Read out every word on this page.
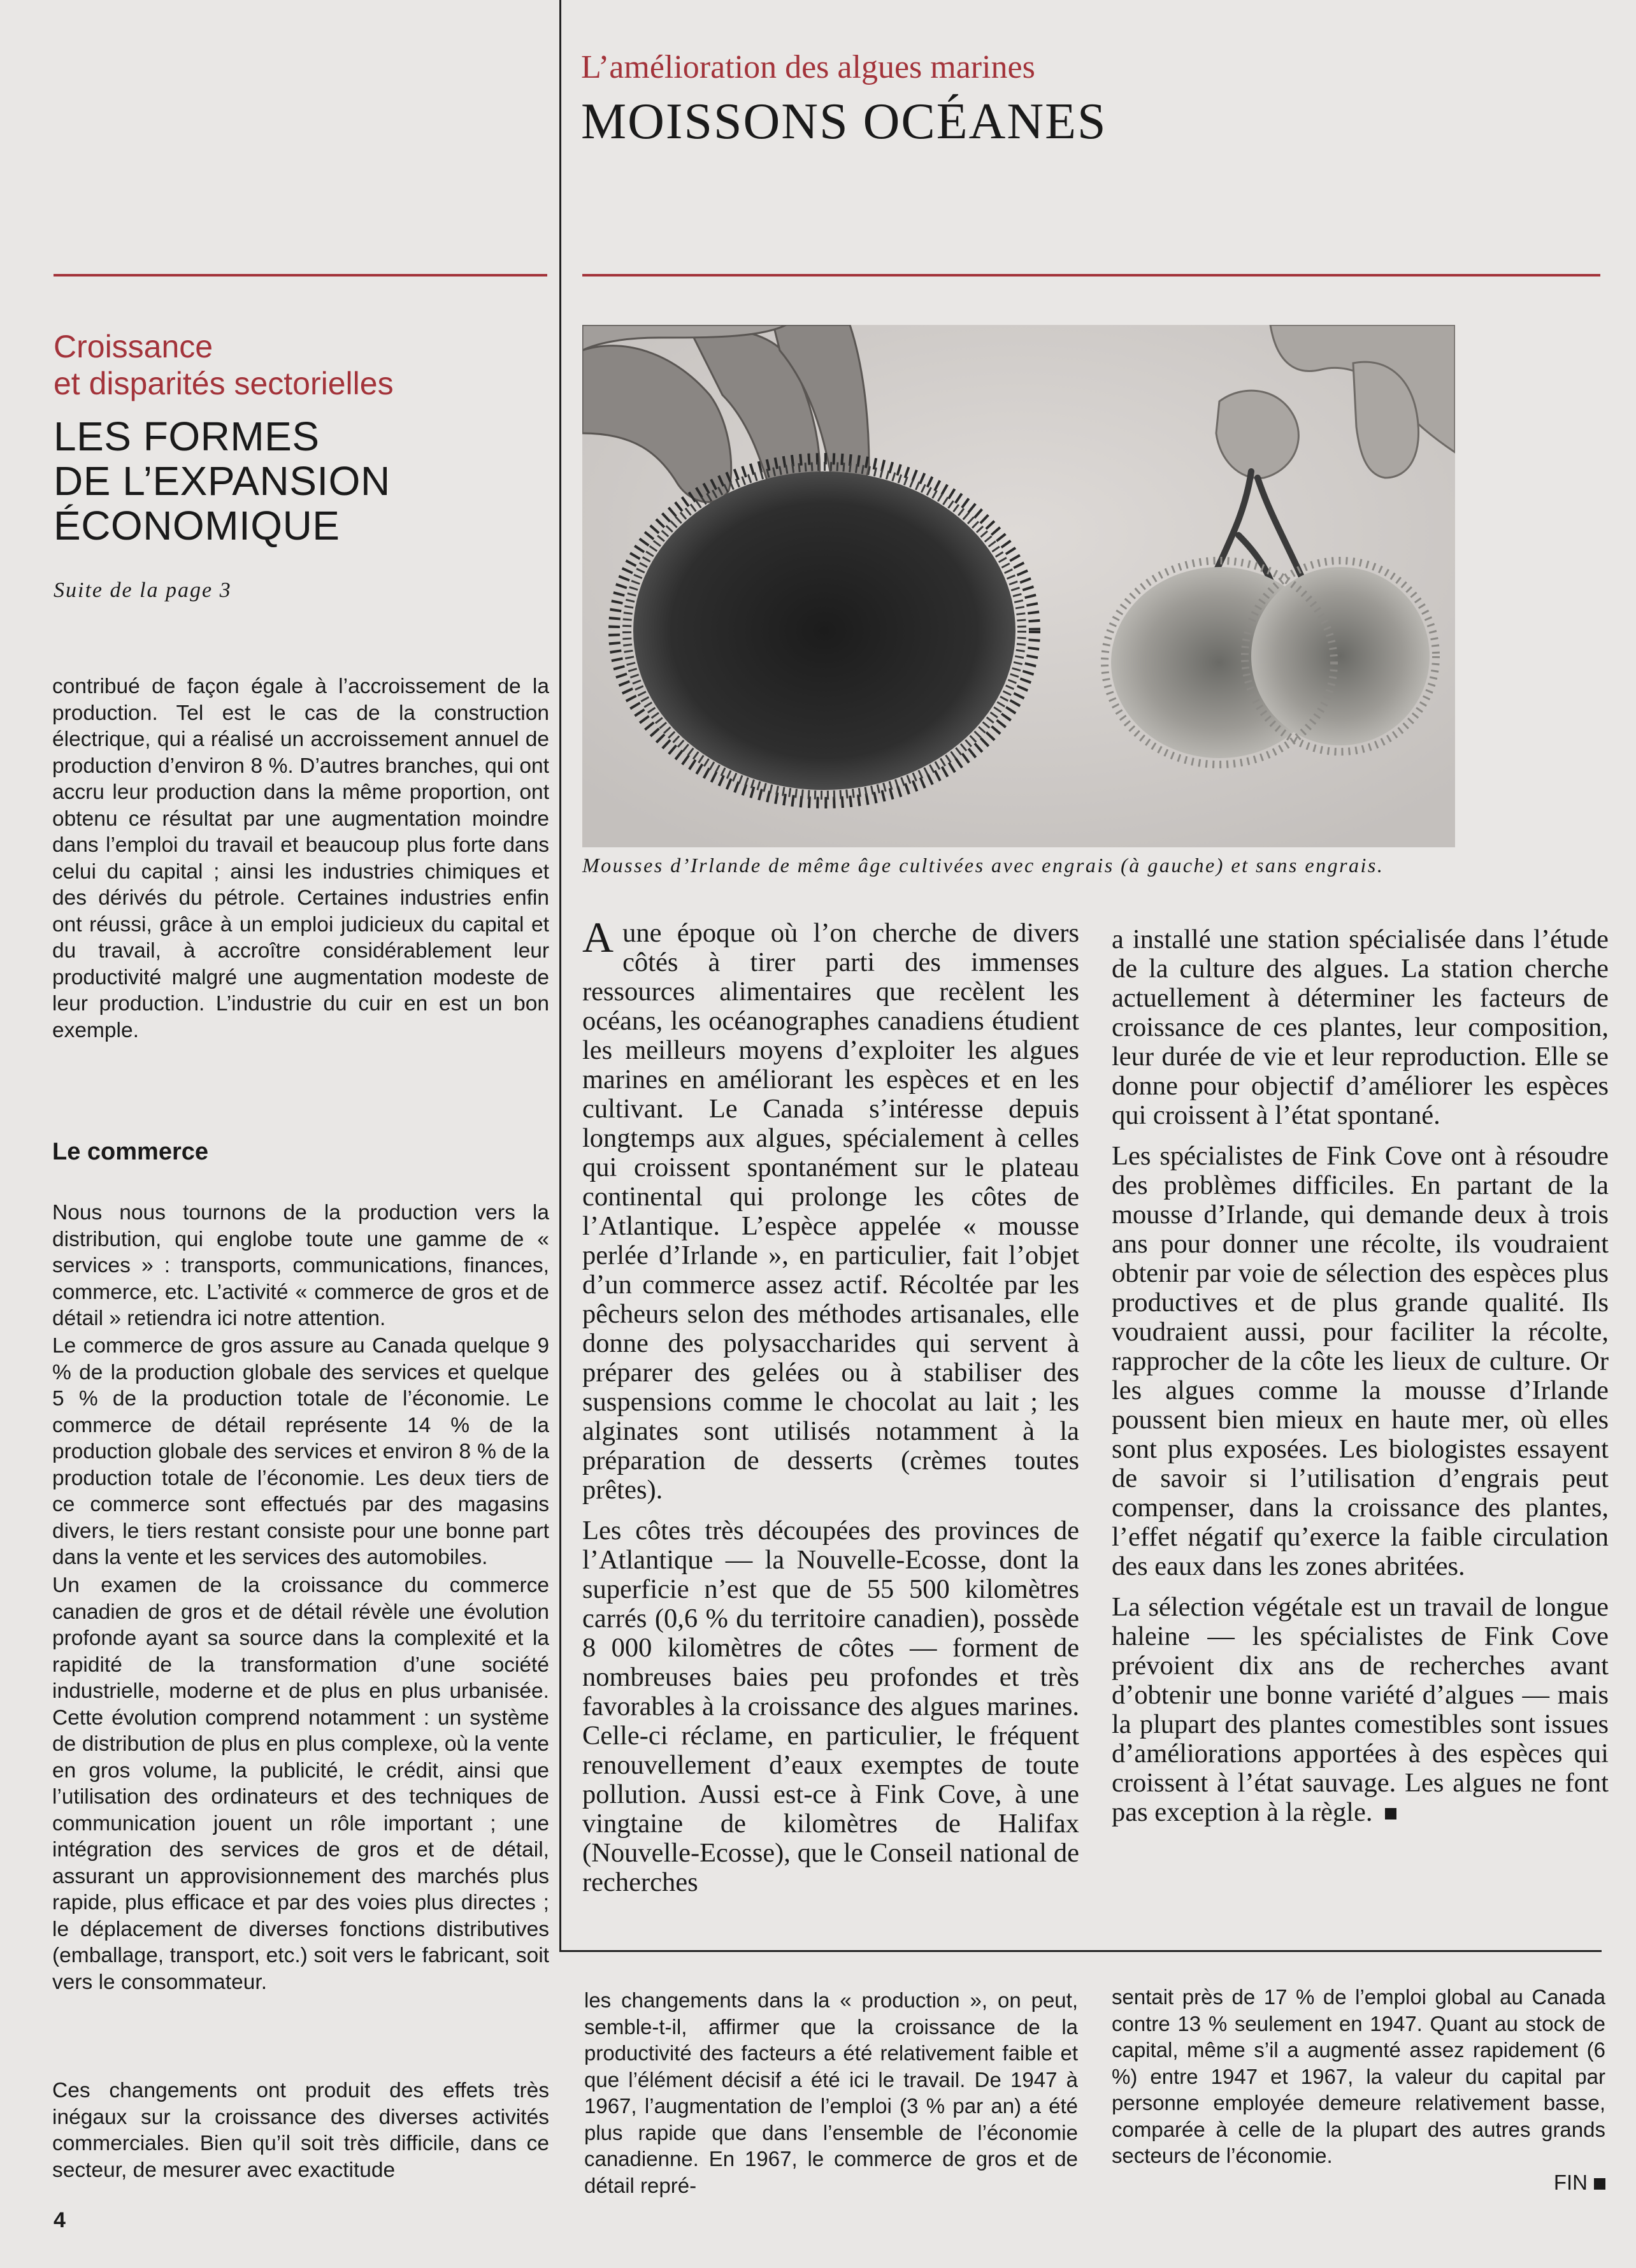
Croissance
et disparités sectorielles
LES FORMES
DE L’EXPANSION
ÉCONOMIQUE
Suite de la page 3

contribué de façon égale à l’accroissement de la production. Tel est le cas de la construction électrique, qui a réalisé un accroissement annuel de production d’environ 8 %. D’autres branches, qui ont accru leur production dans la même proportion, ont obtenu ce résultat par une augmentation moindre dans l’emploi du travail et beaucoup plus forte dans celui du capital ; ainsi les industries chimiques et des dérivés du pétrole. Certaines industries enfin ont réussi, grâce à un emploi judicieux du capital et du travail, à accroître considérablement leur productivité malgré une augmentation modeste de leur production. L’industrie du cuir en est un bon exemple.

Le commerce

Nous nous tournons de la production vers la distribution, qui englobe toute une gamme de « services » : transports, communications, finances, commerce, etc. L’activité « commerce de gros et de détail » retiendra ici notre attention.

Le commerce de gros assure au Canada quelque 9 % de la production globale des services et quelque 5 % de la production totale de l’économie. Le commerce de détail représente 14 % de la production globale des services et environ 8 % de la production totale de l’économie. Les deux tiers de ce commerce sont effectués par des magasins divers, le tiers restant consiste pour une bonne part dans la vente et les services des automobiles.

Un examen de la croissance du commerce canadien de gros et de détail révèle une évolution profonde ayant sa source dans la complexité et la rapidité de la transformation d’une société industrielle, moderne et de plus en plus urbanisée. Cette évolution comprend notamment : un système de distribution de plus en plus complexe, où la vente en gros volume, la publicité, le crédit, ainsi que l’utilisation des ordinateurs et des techniques de communication jouent un rôle important ; une intégration des services de gros et de détail, assurant un approvisionnement des marchés plus rapide, plus efficace et par des voies plus directes ; le déplacement de diverses fonctions distributives (emballage, transport, etc.) soit vers le fabricant, soit vers le consommateur.

Ces changements ont produit des effets très inégaux sur la croissance des diverses activités commerciales. Bien qu’il soit très difficile, dans ce secteur, de mesurer avec exactitude

4
L’amélioration des algues marines
MOISSONS OCÉANES
Mousses d’Irlande de même âge cultivées avec engrais (à gauche) et sans engrais.

A une époque où l’on cherche de divers côtés à tirer parti des immenses ressources alimentaires que recèlent les océans, les océanographes canadiens étudient les meilleurs moyens d’exploiter les algues marines en améliorant les espèces et en les cultivant. Le Canada s’intéresse depuis longtemps aux algues, spécialement à celles qui croissent spontanément sur le plateau continental qui prolonge les côtes de l’Atlantique. L’espèce appelée « mousse perlée d’Irlande », en particulier, fait l’objet d’un commerce assez actif. Récoltée par les pêcheurs selon des méthodes artisanales, elle donne des polysaccharides qui servent à préparer des gelées ou à stabiliser des suspensions comme le chocolat au lait ; les alginates sont utilisés notamment à la préparation de desserts (crèmes toutes prêtes).

Les côtes très découpées des provinces de l’Atlantique — la Nouvelle-Ecosse, dont la superficie n’est que de 55 500 kilomètres carrés (0,6 % du territoire canadien), possède 8 000 kilomètres de côtes — forment de nombreuses baies peu profondes et très favorables à la croissance des algues marines. Celle-ci réclame, en particulier, le fréquent renouvellement d’eaux exemptes de toute pollution. Aussi est-ce à Fink Cove, à une vingtaine de kilomètres de Halifax (Nouvelle-Ecosse), que le Conseil national de recherches

a installé une station spécialisée dans l’étude de la culture des algues. La station cherche actuellement à déterminer les facteurs de croissance de ces plantes, leur composition, leur durée de vie et leur reproduction. Elle se donne pour objectif d’améliorer les espèces qui croissent à l’état spontané.

Les spécialistes de Fink Cove ont à résoudre des problèmes difficiles. En partant de la mousse d’Irlande, qui demande deux à trois ans pour donner une récolte, ils voudraient obtenir par voie de sélection des espèces plus productives et de plus grande qualité. Ils voudraient aussi, pour faciliter la récolte, rapprocher de la côte les lieux de culture. Or les algues comme la mousse d’Irlande poussent bien mieux en haute mer, où elles sont plus exposées. Les biologistes essayent de savoir si l’utilisation d’engrais peut compenser, dans la croissance des plantes, l’effet négatif qu’exerce la faible circulation des eaux dans les zones abritées.

La sélection végétale est un travail de longue haleine — les spécialistes de Fink Cove prévoient dix ans de recherches avant d’obtenir une bonne variété d’algues — mais la plupart des plantes comestibles sont issues d’améliorations apportées à des espèces qui croissent à l’état sauvage. Les algues ne font pas exception à la règle.

les changements dans la « production », on peut, semble-t-il, affirmer que la croissance de la productivité des facteurs a été relativement faible et que l’élément décisif a été ici le travail. De 1947 à 1967, l’augmentation de l’emploi (3 % par an) a été plus rapide que dans l’ensemble de l’économie canadienne. En 1967, le commerce de gros et de détail repré-

sentait près de 17 % de l’emploi global au Canada contre 13 % seulement en 1947. Quant au stock de capital, même s’il a augmenté assez rapidement (6 %) entre 1947 et 1967, la valeur du capital par personne employée demeure relativement basse, comparée à celle de la plupart des autres grands secteurs de l’économie.

FIN
